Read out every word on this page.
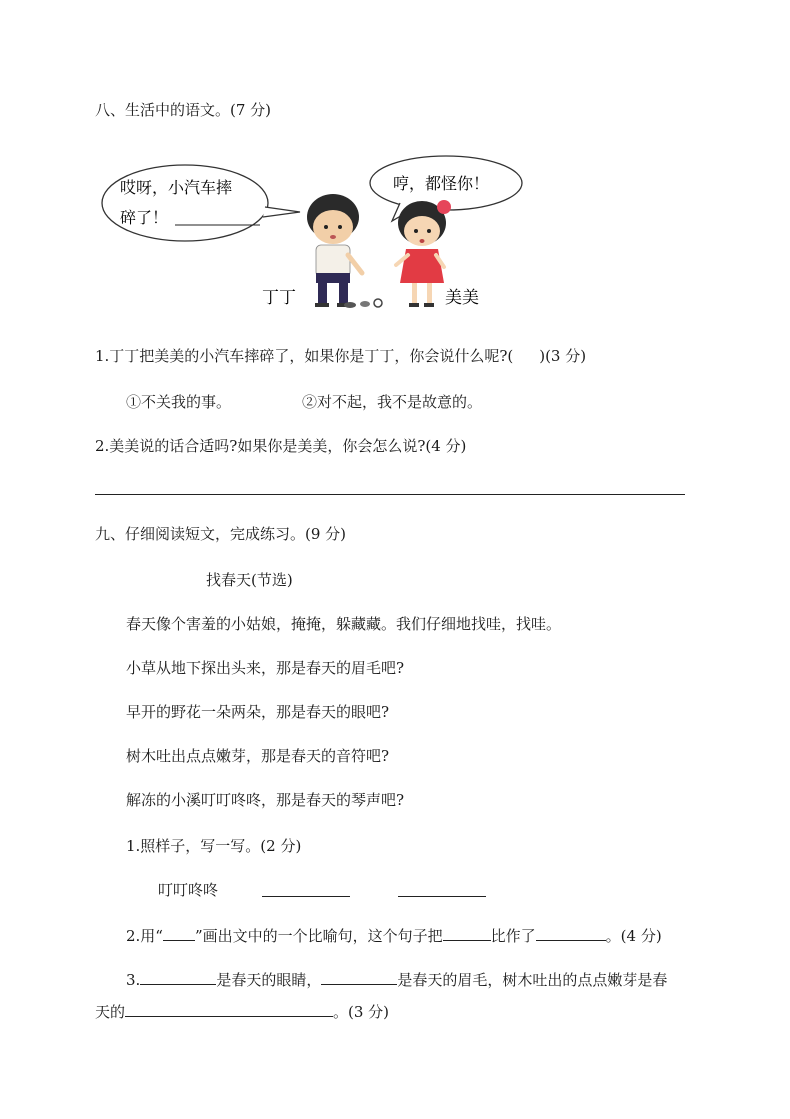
八、生活中的语文。(7 分)
哎呀，小汽车摔
碎了！
哼，都怪你！
丁丁	美美
1.丁丁把美美的小汽车摔碎了，如果你是丁丁，你会说什么呢?( )(3 分)
①不关我的事。	②对不起，我不是故意的。
2.美美说的话合适吗?如果你是美美，你会怎么说?(4 分)
九、仔细阅读短文，完成练习。(9 分)
找春天(节选)
春天像个害羞的小姑娘，掩掩，躲藏藏。我们仔细地找哇，找哇。
小草从地下探出头来，那是春天的眉毛吧?
早开的野花一朵两朵，那是春天的眼吧?
树木吐出点点嫩芽，那是春天的音符吧?
解冻的小溪叮叮咚咚，那是春天的琴声吧?
1.照样子，写一写。(2 分)
叮叮咚咚
2.用“ ”画出文中的一个比喻句，这个句子把	比作了	。(4 分)
3.	是春天的眼睛，	是春天的眉毛，树木吐出的点点嫩芽是春
天的	。(3 分)
